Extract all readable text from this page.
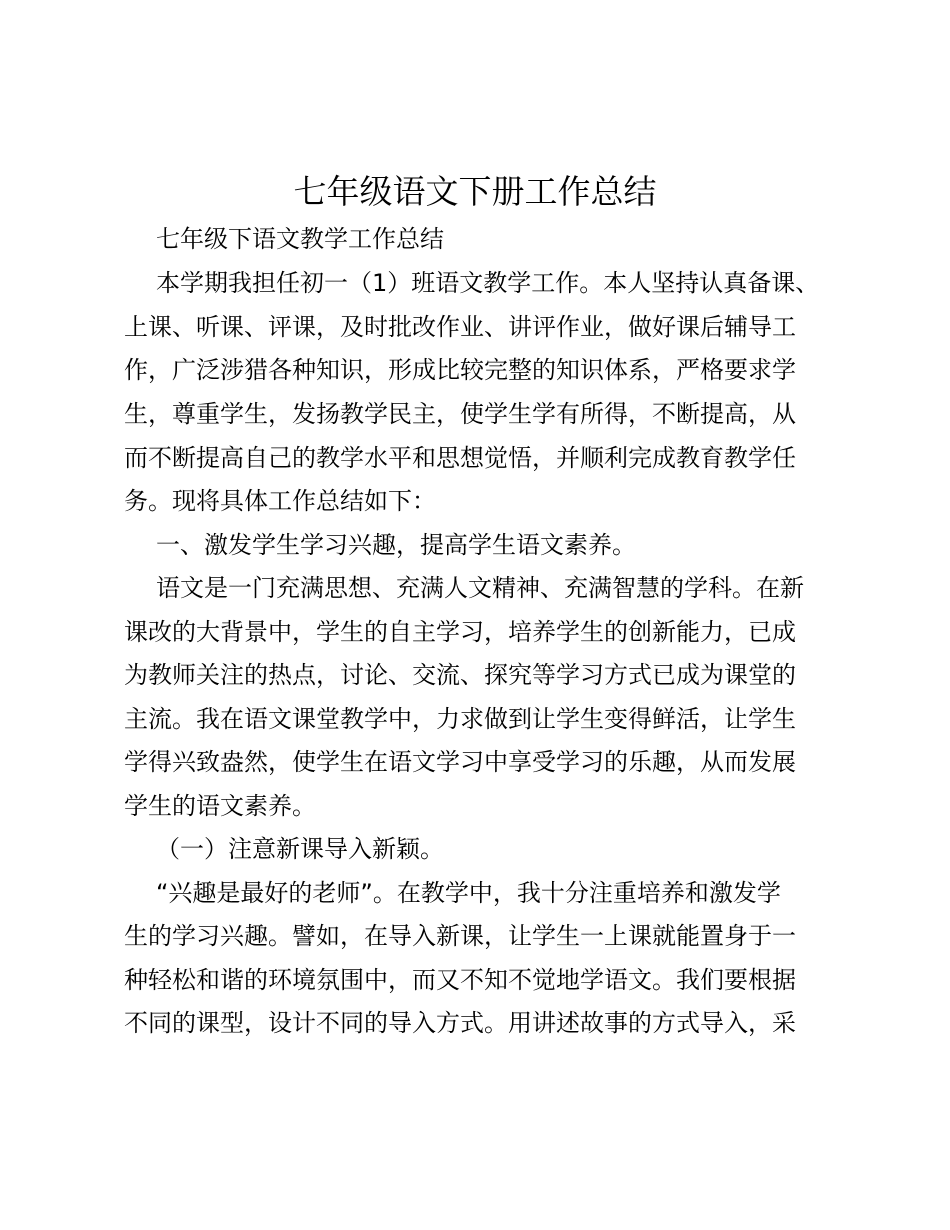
七年级语文下册工作总结
七年级下语文教学工作总结
本学期我担任初一（1）班语文教学工作。本人坚持认真备课、
上课、听课、评课，及时批改作业、讲评作业，做好课后辅导工
作，广泛涉猎各种知识，形成比较完整的知识体系，严格要求学
生，尊重学生，发扬教学民主，使学生学有所得，不断提高，从
而不断提高自己的教学水平和思想觉悟，并顺利完成教育教学任
务。现将具体工作总结如下：
一、激发学生学习兴趣，提高学生语文素养。
语文是一门充满思想、充满人文精神、充满智慧的学科。在新
课改的大背景中，学生的自主学习，培养学生的创新能力，已成
为教师关注的热点，讨论、交流、探究等学习方式已成为课堂的
主流。我在语文课堂教学中，力求做到让学生变得鲜活，让学生
学得兴致盎然，使学生在语文学习中享受学习的乐趣，从而发展
学生的语文素养。
（一）注意新课导入新颖。
“兴趣是最好的老师”。在教学中，我十分注重培养和激发学
生的学习兴趣。譬如，在导入新课，让学生一上课就能置身于一
种轻松和谐的环境氛围中，而又不知不觉地学语文。我们要根据
不同的课型，设计不同的导入方式。用讲述故事的方式导入，采
